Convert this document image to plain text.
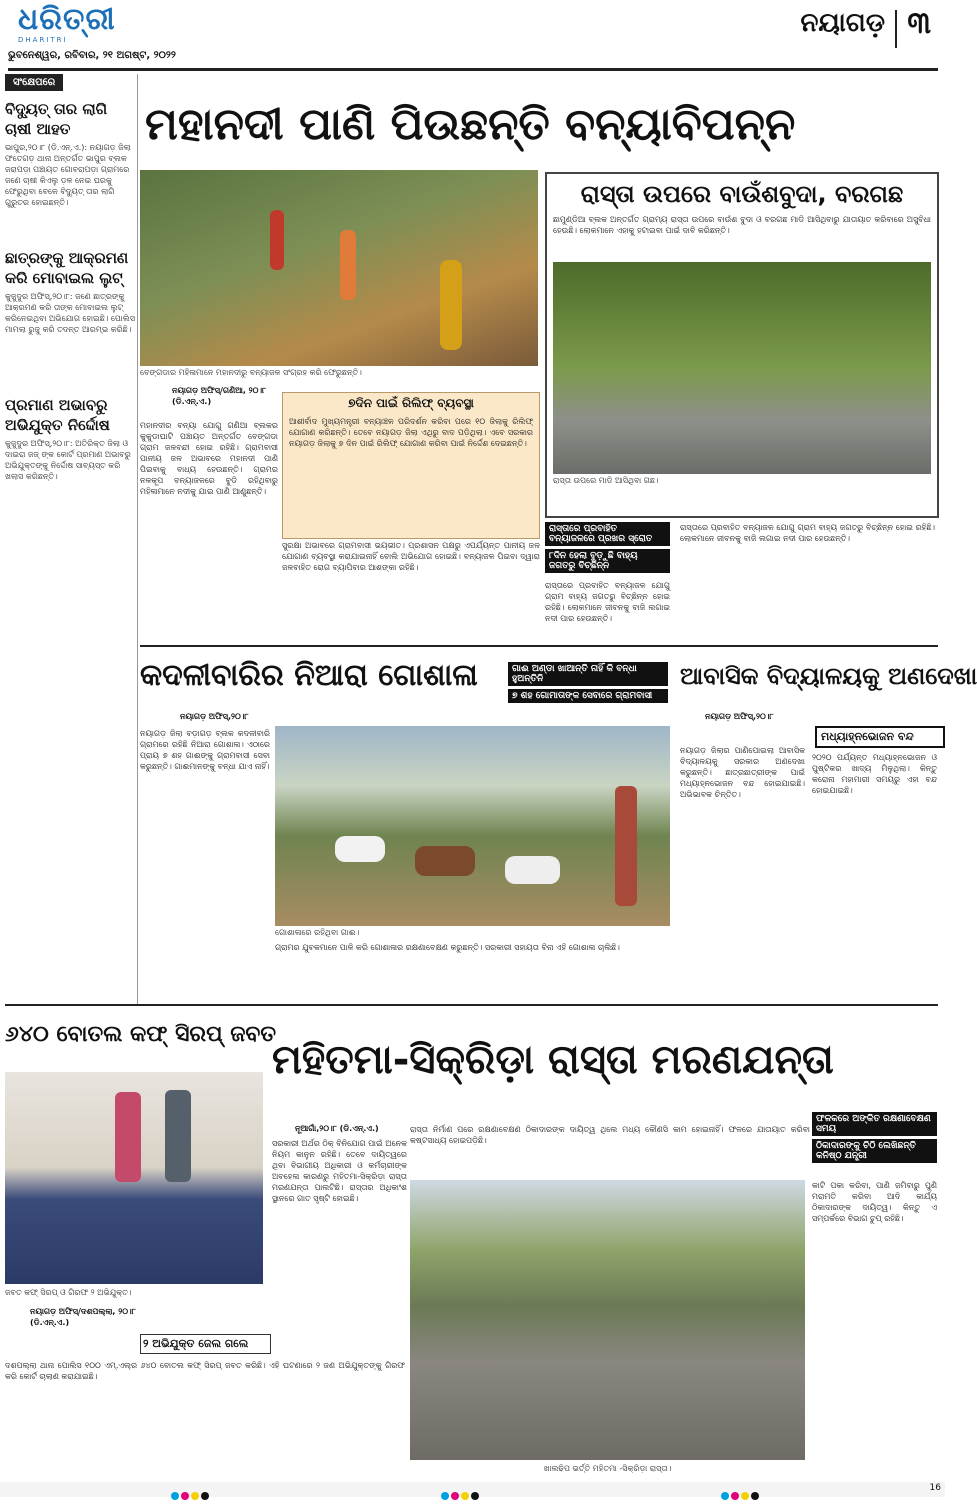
ଧରିତ୍ରୀ
DHARITRI
ଭୁବନେଶ୍ୱର, ରବିବାର, ୨୧ ଅଗଷ୍ଟ, ୨୦୨୨
ନୟାଗଡ଼ ୩
ସଂକ୍ଷେପରେ
ବିଦ୍ୟୁତ୍ ତାର ଲାଗି ଚାଷୀ ଆହତ
ଭାପୁର,୨୦।୮ (ଡି.ଏନ୍.ଏ.): ନୟାଗଡ଼ ଜିଲା ଫତେଗଡ଼ ଥାନା ଅନ୍ତର୍ଗତ ଭାପୁର ବ୍ଲକ ଜରାପଡ଼ା ପଞ୍ଚାୟତ ଗୋବରାପଡ଼ା ଗ୍ରାମରେ ଜଣେ ଚାଷୀ କିଏଲୁ ଡ଼ଳ ନେଇ ଘରକୁ ଫେରୁଥିବା ବେଳେ ବିଦ୍ୟୁତ୍ ତାର ଲାଗି ଗୁରୁତର ହୋଇଛନ୍ତି।
ଛାତ୍ରଙ୍କୁ ଆକ୍ରମଣ କରି ମୋବାଇଲ ଲୁଟ୍
କୁଜୁଦୁର ଅଫିସ୍,୨୦।୮: ଜଣେ ଛାତ୍ରଙ୍କୁ ଆକ୍ରମଣ କରି ତାଙ୍କ ମୋବାଇଲ ଲୁଟ୍ କରିନେଇଥିବା ଅଭିଯୋଗ ହୋଇଛି। ପୋଲିସ ମାମଲା ରୁଜୁ କରି ତଦନ୍ତ ଆରମ୍ଭ କରିଛି।
ପ୍ରମାଣ ଅଭାବରୁ ଅଭିଯୁକ୍ତ ନିର୍ଦ୍ଦୋଷ
କୁଜୁଦୁର ଅଫିସ୍,୨୦।୮: ଅତିରିକ୍ତ ଜିଲା ଓ ଦାଇରା ଜଜ୍ ଙ୍କ କୋର୍ଟ ପ୍ରମାଣ ଅଭାବରୁ ଅଭିଯୁକ୍ତଙ୍କୁ ନିର୍ଦ୍ଦୋଷ ସାବ୍ୟସ୍ତ କରି ଖଲାସ କରିଛନ୍ତି।
ମହାନଦୀ ପାଣି ପିଉଛନ୍ତି ବନ୍ୟାବିପନ୍ନ
ବେଙ୍ଗଡାର ମହିଳାମାନେ ମହାନଦୀରୁ ବନ୍ୟାଜଳ ସଂଗ୍ରହ କରି ଫେରୁଛନ୍ତି।
ନୟାଗଡ଼ ଅଫିସ୍/ଗଣିଆ, ୨୦।୮ (ଡି.ଏନ୍.ଏ.)
ମହାନଦୀର ବନ୍ୟା ଯୋଗୁ ଗଣିଆ ବ୍ଲକର କୁକୁଡାଘାଟି ପଞ୍ଚାୟତ ଅନ୍ତର୍ଗତ ବେଙ୍ଗଡା ଗ୍ରାମ ଜଳବନ୍ଦୀ ହୋଇ ରହିଛି। ଗ୍ରାମବାସୀ ପାନୀୟ ଜଳ ଅଭାବରେ ମହାନଦୀ ପାଣି ପିଇବାକୁ ବାଧ୍ୟ ହେଉଛନ୍ତି। ଗ୍ରାମର ନଳକୂପ ବନ୍ୟାଜଳରେ ବୁଡି ରହିଥିବାରୁ ମହିଳାମାନେ ନଦୀକୁ ଯାଇ ପାଣି ଆଣୁଛନ୍ତି।
ସୁରକ୍ଷା ଅଭାବରେ ଗ୍ରାମବାସୀ ଭୟଭୀତ। ପ୍ରଶାସନ ପକ୍ଷରୁ ଏପର୍ଯ୍ୟନ୍ତ ପାନୀୟ ଜଳ ଯୋଗାଣ ବ୍ୟବସ୍ଥା କରାଯାଇନାହିଁ ବୋଲି ଅଭିଯୋଗ ହୋଇଛି। ବନ୍ୟାଜଳ ପିଇବା ଦ୍ୱାରା ଜଳବାହିତ ରୋଗ ବ୍ୟାପିବାର ଆଶଙ୍କା ରହିଛି।
୭ଦିନ ପାଇଁ ରିଲିଫ୍ ବ୍ୟବସ୍ଥା
ଆଶୀର୍ବାଦ ମୁଖ୍ୟମନ୍ତ୍ରୀ ବନ୍ୟାଞ୍ଚଳ ପରିଦର୍ଶନ କରିବା ପରେ ୧୦ ଜିଲାକୁ ରିଲିଫ୍ ଯୋଗାଣ କରିଛନ୍ତି। ତେବେ ନୟାଗଡ଼ ଜିଲା ଏଥିରୁ ବାଦ ପଡ଼ିଥିଲା। ଏବେ ସରକାର ନୟାଗଡ଼ ଜିଲାକୁ ୭ ଦିନ ପାଇଁ ରିଲିଫ୍ ଯୋଗାଣ କରିବା ପାଇଁ ନିର୍ଦ୍ଦେଶ ଦେଇଛନ୍ତି।
ରାସ୍ତା ଉପରେ ବାଉଁଶବୁଦା, ବରଗଛ
ଛାମୁଣ୍ଡିଆ ବ୍ଲକ ଅନ୍ତର୍ଗତ ଗ୍ରାମ୍ୟ ରାସ୍ତା ଉପରେ ବାଉଁଶ ବୁଦା ଓ ବରଗଛ ମାଡି ଆସିଥିବାରୁ ଯାତାୟାତ କରିବାରେ ଅସୁବିଧା ହେଉଛି। ଲୋକମାନେ ଏହାକୁ ହଟାଇବା ପାଇଁ ଦାବି କରିଛନ୍ତି।
ରାସ୍ତା ଉପରେ ମାଡି ଆସିଥିବା ଗଛ।
ରାସ୍ତାରେ ପ୍ରବାହିତ ବନ୍ୟାଜଳରେ ପ୍ରଖର ସ୍ରୋତ
୮ଦିନ ହେଲା ବୁଡ଼ୁଛି ବାହ୍ୟ ଜଗତରୁ ବିଚ୍ଛିନ୍ନ
ରାସ୍ତାରେ ପ୍ରବାହିତ ବନ୍ୟାଜଳ ଯୋଗୁ ଗ୍ରାମ ବାହ୍ୟ ଜଗତରୁ ବିଚ୍ଛିନ୍ନ ହୋଇ ରହିଛି। ଲୋକମାନେ ଜୀବନକୁ ବାଜି ଲଗାଇ ନଦୀ ପାର ହେଉଛନ୍ତି।
ରାସ୍ତାରେ ପ୍ରବାହିତ ବନ୍ୟାଜଳ ଯୋଗୁ ଗ୍ରାମ ବାହ୍ୟ ଜଗତରୁ ବିଚ୍ଛିନ୍ନ ହୋଇ ରହିଛି। ଲୋକମାନେ ଜୀବନକୁ ବାଜି ଲଗାଇ ନଦୀ ପାର ହେଉଛନ୍ତି।
କଦଳୀବାରିର ନିଆରା ଗୋଶାଳା	ଗାଈ ଅଣ୍ଡା ଖାଆନ୍ତି ନାହିଁ କି ବନ୍ଧା ହୁଅନ୍ତିନି
୭ ଶହ ଗୋମାତାଙ୍କ ସେବାରେ ଗ୍ରାମବାସୀ
ନୟାଗଡ଼ ଅଫିସ୍,୨୦।୮
ନୟାଗଡ଼ ଜିଲା ବଡ଼ାଗଡ଼ ବ୍ଲକ କଦଳୀବାରି ଗ୍ରାମରେ ରହିଛି ନିଆରା ଗୋଶାଳା। ଏଠାରେ ପ୍ରାୟ ୭ ଶହ ଗାଈଙ୍କୁ ଗ୍ରାମବାସୀ ସେବା କରୁଛନ୍ତି। ଗାଈମାନଙ୍କୁ ବନ୍ଧା ଯାଏ ନାହିଁ।
ଗୋଶାଳାରେ ରହିଥିବା ଗାଈ।
ଗ୍ରାମର ଯୁବକମାନେ ପାଳି କରି ଗୋଶାଳାର ରକ୍ଷଣାବେକ୍ଷଣ କରୁଛନ୍ତି। ସରକାରୀ ସହାୟତା ବିନା ଏହି ଗୋଶାଳା ଚାଲିଛି।
ଆବାସିକ ବିଦ୍ୟାଳୟକୁ ଅଣଦେଖା
ନୟାଗଡ଼ ଅଫିସ୍,୨୦।୮
ମଧ୍ୟାହ୍ନଭୋଜନ ବନ୍ଦ
ନୟାଗଡ଼ ଜିଲାର ପାଣିପୋଇଲା ଆବାସିକ ବିଦ୍ୟାଳୟକୁ ସରକାର ଅଣଦେଖା କରୁଛନ୍ତି। ଛାତ୍ରଛାତ୍ରୀଙ୍କ ପାଇଁ ମଧ୍ୟାହ୍ନଭୋଜନ ବନ୍ଦ ହୋଇଯାଇଛି। ଅଭିଭାବକ ଚିନ୍ତିତ।
୨୦୨୦ ପର୍ଯ୍ୟନ୍ତ ମଧ୍ୟାହ୍ନଭୋଜନ ଓ ପୁଷ୍ଟିକର ଖାଦ୍ୟ ମିଳୁଥିଲା। କିନ୍ତୁ କରୋନା ମହାମାରୀ ସମୟରୁ ଏହା ବନ୍ଦ ହୋଇଯାଇଛି।
୬୪୦ ବୋତଲ କଫ୍ ସିରପ୍ ଜବତ
ଜବତ କଫ୍ ସିରପ୍ ଓ ଗିରଫ ୨ ଅଭିଯୁକ୍ତ।
ନୟାଗଡ଼ ଅଫିସ୍/ଦଶପଲ୍ଲା, ୨୦।୮ (ଡି.ଏନ୍.ଏ.)
୨ ଅଭିଯୁକ୍ତ ଜେଲ ଗଲେ
ଦଶପଲ୍ଲା ଥାନା ପୋଲିସ ୧୦୦ ଏମ୍.ଏଲ୍ର ୬୪୦ ବୋତଲ କଫ୍ ସିରପ୍ ଜବତ କରିଛି। ଏହି ଘଟଣାରେ ୨ ଜଣ ଅଭିଯୁକ୍ତଙ୍କୁ ଗିରଫ କରି କୋର୍ଟ ଚାଲାଣ କରାଯାଇଛି।
ମହିତମା-ସିକ୍ରିଡ଼ା ରାସ୍ତା ମରଣଯନ୍ତା
ନୂଆଗାଁ,୨୦।୮ (ଡି.ଏନ୍.ଏ.)
ସରକାରୀ ଅର୍ଥର ଠିକ୍ ବିନିଯୋଗ ପାଇଁ ଅନେକ ନିୟମ କାନୁନ ରହିଛି। ତେବେ ଦାୟିତ୍ୱରେ ଥିବା ବିଭାଗୀୟ ଅଧିକାରୀ ଓ କର୍ମଚାରୀଙ୍କ ଅବହେଳା କାରଣରୁ ମହିତମା-ସିକ୍ରିଡ଼ା ରାସ୍ତା ମରଣଯନ୍ତା ପାଲଟିଛି। ରାସ୍ତାର ଅଧିକାଂଶ ସ୍ଥାନରେ ଗାତ ସୃଷ୍ଟି ହୋଇଛି।
ରାସ୍ତା ନିର୍ମାଣ ପରେ ରକ୍ଷଣାବେକ୍ଷଣ ଠିକାଦାରଙ୍କ ଦାୟିତ୍ୱ ଥିଲେ ମଧ୍ୟ କୌଣସି କାମ ହୋଇନାହିଁ। ଫଳରେ ଯାତାୟାତ କରିବା କଷ୍ଟସାଧ୍ୟ ହୋଇପଡ଼ିଛି।
ଖାଲଢିପ ଭର୍ତ୍ତି ମହିତମା -ସିକ୍ରିଡ଼ା ରାସ୍ତା।
ଫଳକରେ ଅଙ୍କିତ ରକ୍ଷଣାବେକ୍ଷଣ ସମୟ
ଠିକାଦାରଙ୍କୁ ଚିଠି ଲେଖିଛନ୍ତି କନିଷ୍ଠ ଯନ୍ତ୍ରୀ
କାଟି ପକା କରିବା, ପାଣି ଜମିବାରୁ ପୁଣି ମରାମତି କରିବା ଆଦି କାର୍ଯ୍ୟ ଠିକାଦାରଙ୍କ ଦାୟିତ୍ୱ। କିନ୍ତୁ ଏ ସମ୍ପର୍କରେ ବିଭାଗ ଚୁପ୍ ରହିଛି।
16
